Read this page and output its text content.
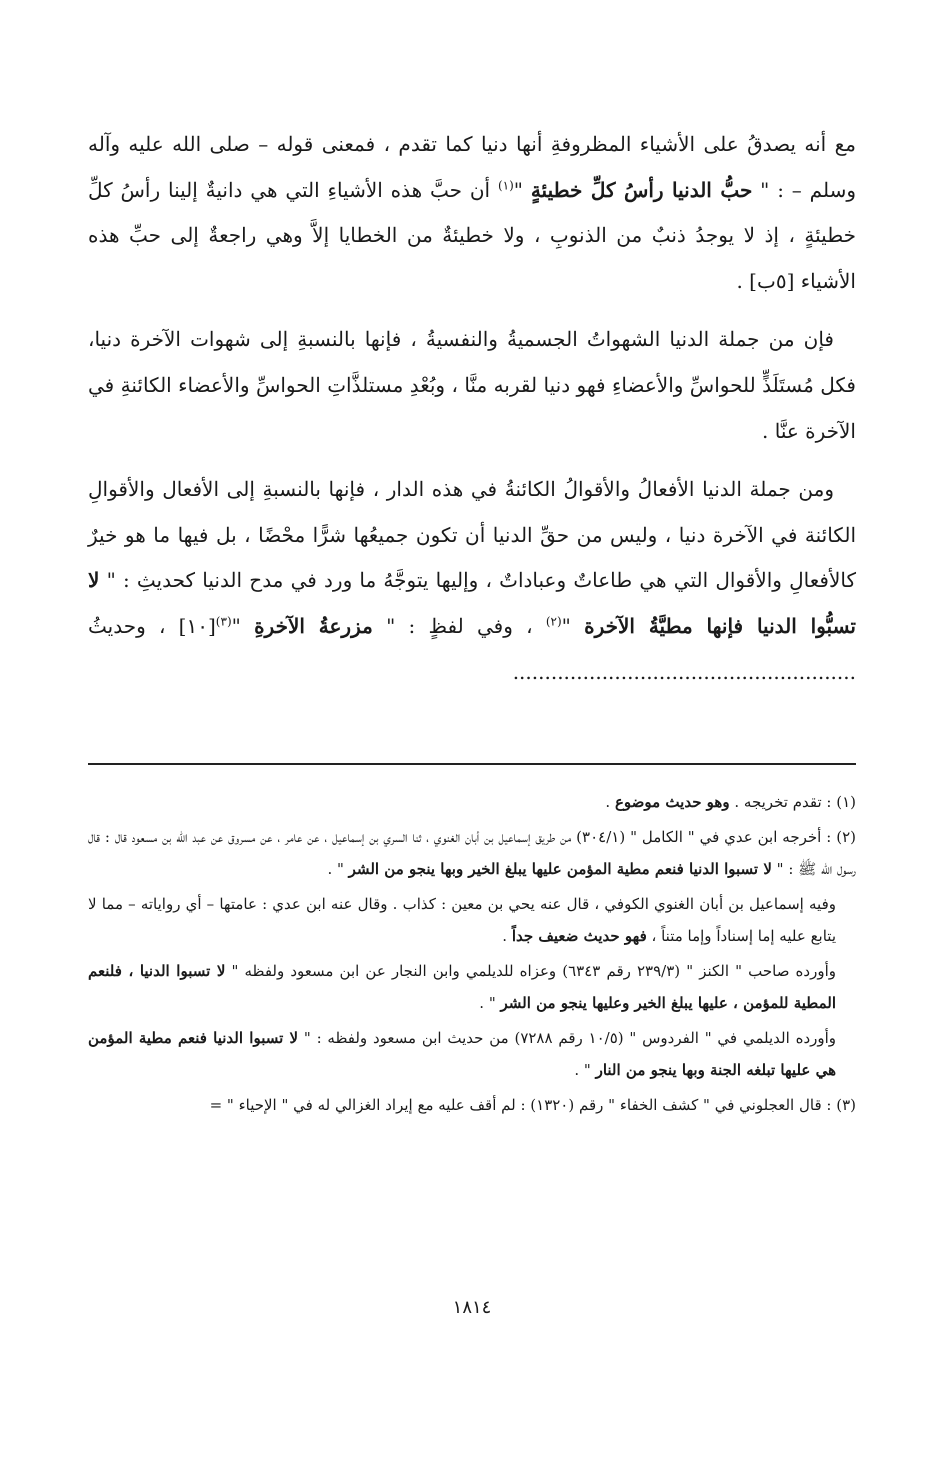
مع أنه يصدقُ على الأشياء المظروفةِ أنها دنيا كما تقدم ، فمعنى قوله – صلى الله عليه وآله وسلم – : " حبُّ الدنيا رأسُ كلِّ خطيئةٍ "$^{(١)}$ أن حبَّ هذه الأشياءِ التي هي دانيةٌ إلينا رأسُ كلِّ خطيئةٍ ، إذ لا يوجدُ ذنبٌ من الذنوبِ ، ولا خطيئةٌ من الخطايا إلاَّ وهي راجعةٌ إلى حبِّ هذه الأشياء [٥ب] .

فإن من جملة الدنيا الشهواتُ الجسميةُ والنفسيةُ ، فإنها بالنسبةِ إلى شهوات الآخرة دنيا، فكل مُستَلَذٍّ للحواسِّ والأعضاءِ فهو دنيا لقربه منَّا ، وبُعْدِ مستلذَّاتِ الحواسِّ والأعضاء الكائنةِ في الآخرة عنَّا .

ومن جملة الدنيا الأفعالُ والأقوالُ الكائنةُ في هذه الدار ، فإنها بالنسبةِ إلى الأفعال والأقوالِ الكائنة في الآخرة دنيا ، وليس من حقِّ الدنيا أن تكون جميعُها شرًّا محْضًا ، بل فيها ما هو خيرٌ كالأفعالِ والأقوال التي هي طاعاتٌ وعباداتٌ ، وإليها يتوجَّهُ ما ورد في مدح الدنيا كحديثِ : " لا تسبُّوا الدنيا فإنها مطيَّةُ الآخرة "$^{(٢)}$ ، وفي لفظٍ : " مزرعةُ الآخرةِ "$^{(٣)}$[١٠] ، وحديثُ ......................................................

(١) : تقدم تخريجه . وهو حديث موضوع .
(٢) : أخرجه ابن عدي في " الكامل " (٣٠٤/١) من طريق إسماعيل بن أبان الغنوي ، ثنا السري بن إسماعيل ، عن عامر ، عن مسروق عن عبد الله بن مسعود قال : قال رسول الله ﷺ : " لا تسبوا الدنيا فنعم مطية المؤمن عليها يبلغ الخير وبها ينجو من الشر " .
وفيه إسماعيل بن أبان الغنوي الكوفي ، قال عنه يحي بن معين : كذاب . وقال عنه ابن عدي : عامتها – أي رواياته – مما لا يتابع عليه إما إسناداً وإما متناً ، فهو حديث ضعيف جداً .
وأورده صاحب " الكنز " (٢٣٩/٣ رقم ٦٣٤٣) وعزاه للديلمي وابن النجار عن ابن مسعود ولفظه " لا تسبوا الدنيا ، فلنعم المطية للمؤمن ، عليها يبلغ الخير وعليها ينجو من الشر " .
وأورده الديلمي في " الفردوس " (١٠/٥ رقم ٧٢٨٨) من حديث ابن مسعود ولفظه : " لا تسبوا الدنيا فنعم مطية المؤمن هي عليها تبلغه الجنة وبها ينجو من النار " .
(٣) : قال العجلوني في " كشف الخفاء " رقم (١٣٢٠) : لم أقف عليه مع إيراد الغزالي له في " الإحياء " =
١٨١٤
